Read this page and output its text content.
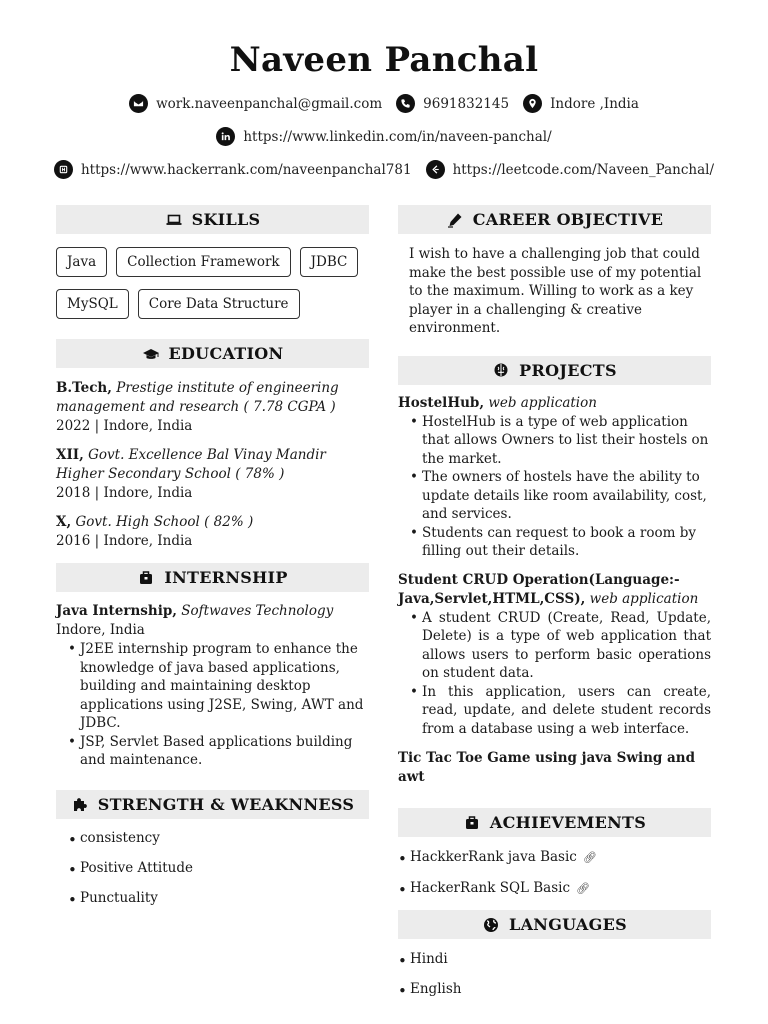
Naveen Panchal
work.naveenpanchal@gmail.com	9691832145	Indore ,India
https://www.linkedin.com/in/naveen-panchal/
https://www.hackerrank.com/naveenpanchal781	https://leetcode.com/Naveen_Panchal/
SKILLS
Java Collection Framework JDBC MySQL Core Data Structure
EDUCATION
B.Tech, Prestige institute of engineering management and research ( 7.78 CGPA )
2022 | Indore, India
XII, Govt. Excellence Bal Vinay Mandir Higher Secondary School ( 78% )
2018 | Indore, India
X, Govt. High School ( 82% )
2016 | Indore, India
INTERNSHIP
Java Internship, Softwaves Technology
Indore, India
• J2EE internship program to enhance the knowledge of java based applications, building and maintaining desktop applications using J2SE, Swing, AWT and JDBC.
• JSP, Servlet Based applications building and maintenance.
STRENGTH & WEAKNNESS
• consistency
• Positive Attitude
• Punctuality
CAREER OBJECTIVE
I wish to have a challenging job that could make the best possible use of my potential to the maximum. Willing to work as a key player in a challenging & creative environment.
PROJECTS
HostelHub, web application
• HostelHub is a type of web application that allows Owners to list their hostels on the market.
• The owners of hostels have the ability to update details like room availability, cost, and services.
• Students can request to book a room by filling out their details.
Student CRUD Operation(Language:-Java,Servlet,HTML,CSS), web application
• A student CRUD (Create, Read, Update, Delete) is a type of web application that allows users to perform basic operations on student data.
• In this application, users can create, read, update, and delete student records from a database using a web interface.
Tic Tac Toe Game using java Swing and awt
ACHIEVEMENTS
• HackkerRank java Basic 🔗︎
• HackerRank SQL Basic 🔗︎
LANGUAGES
• Hindi
• English
